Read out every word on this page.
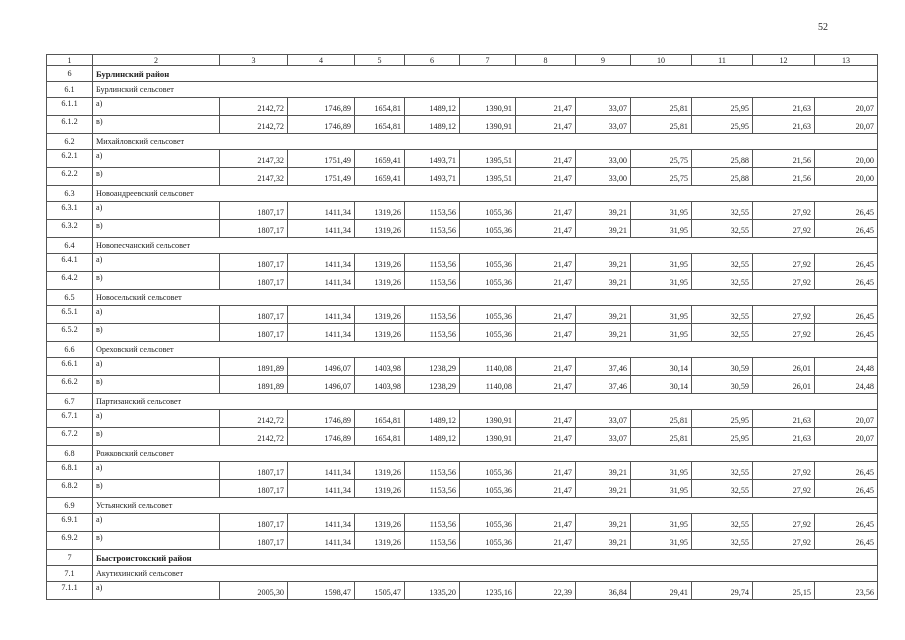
52
1	2	3	4	5	6	7	8	9	10	11	12	13
6	Бурлинский район											
6.1	Бурлинский сельсовет											
6.1.1	а)	2142,72	1746,89	1654,81	1489,12	1390,91	21,47	33,07	25,81	25,95	21,63	20,07
6.1.2	в)	2142,72	1746,89	1654,81	1489,12	1390,91	21,47	33,07	25,81	25,95	21,63	20,07
6.2	Михайловский сельсовет											
6.2.1	а)	2147,32	1751,49	1659,41	1493,71	1395,51	21,47	33,00	25,75	25,88	21,56	20,00
6.2.2	в)	2147,32	1751,49	1659,41	1493,71	1395,51	21,47	33,00	25,75	25,88	21,56	20,00
6.3	Новоандреевский сельсовет											
6.3.1	а)	1807,17	1411,34	1319,26	1153,56	1055,36	21,47	39,21	31,95	32,55	27,92	26,45
6.3.2	в)	1807,17	1411,34	1319,26	1153,56	1055,36	21,47	39,21	31,95	32,55	27,92	26,45
6.4	Новопесчанский сельсовет											
6.4.1	а)	1807,17	1411,34	1319,26	1153,56	1055,36	21,47	39,21	31,95	32,55	27,92	26,45
6.4.2	в)	1807,17	1411,34	1319,26	1153,56	1055,36	21,47	39,21	31,95	32,55	27,92	26,45
6.5	Новосельский сельсовет											
6.5.1	а)	1807,17	1411,34	1319,26	1153,56	1055,36	21,47	39,21	31,95	32,55	27,92	26,45
6.5.2	в)	1807,17	1411,34	1319,26	1153,56	1055,36	21,47	39,21	31,95	32,55	27,92	26,45
6.6	Ореховский сельсовет											
6.6.1	а)	1891,89	1496,07	1403,98	1238,29	1140,08	21,47	37,46	30,14	30,59	26,01	24,48
6.6.2	в)	1891,89	1496,07	1403,98	1238,29	1140,08	21,47	37,46	30,14	30,59	26,01	24,48
6.7	Партизанский сельсовет											
6.7.1	а)	2142,72	1746,89	1654,81	1489,12	1390,91	21,47	33,07	25,81	25,95	21,63	20,07
6.7.2	в)	2142,72	1746,89	1654,81	1489,12	1390,91	21,47	33,07	25,81	25,95	21,63	20,07
6.8	Рожковский сельсовет											
6.8.1	а)	1807,17	1411,34	1319,26	1153,56	1055,36	21,47	39,21	31,95	32,55	27,92	26,45
6.8.2	в)	1807,17	1411,34	1319,26	1153,56	1055,36	21,47	39,21	31,95	32,55	27,92	26,45
6.9	Устьянский сельсовет											
6.9.1	а)	1807,17	1411,34	1319,26	1153,56	1055,36	21,47	39,21	31,95	32,55	27,92	26,45
6.9.2	в)	1807,17	1411,34	1319,26	1153,56	1055,36	21,47	39,21	31,95	32,55	27,92	26,45
7	Быстроистокский район											
7.1	Акутихинский сельсовет											
7.1.1	а)	2005,30	1598,47	1505,47	1335,20	1235,16	22,39	36,84	29,41	29,74	25,15	23,56
